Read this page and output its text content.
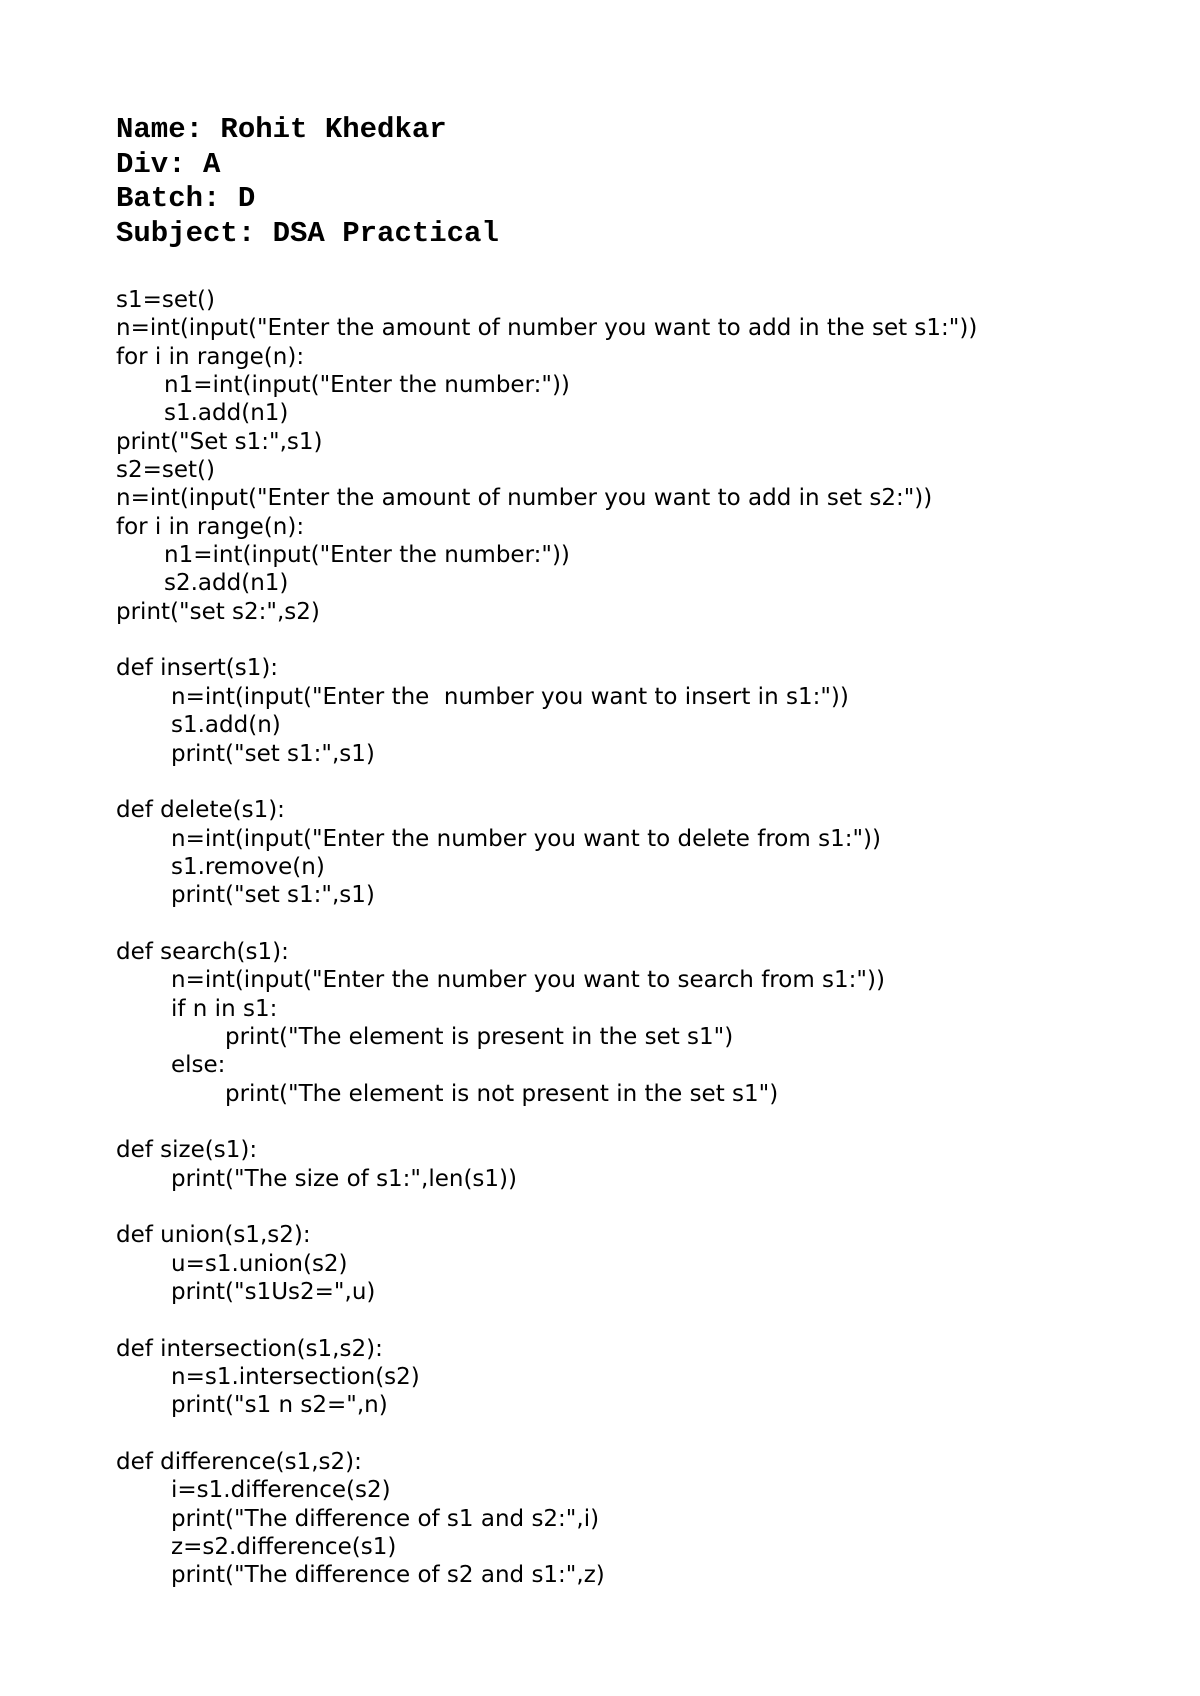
Name: Rohit Khedkar
Div: A
Batch: D
Subject: DSA Practical
s1=set()
n=int(input("Enter the amount of number you want to add in the set s1:"))
for i in range(n):
n1=int(input("Enter the number:"))
s1.add(n1)
print("Set s1:",s1)
s2=set()
n=int(input("Enter the amount of number you want to add in set s2:"))
for i in range(n):
n1=int(input("Enter the number:"))
s2.add(n1)
print("set s2:",s2)
def insert(s1):
n=int(input("Enter the  number you want to insert in s1:"))
s1.add(n)
print("set s1:",s1)
def delete(s1):
n=int(input("Enter the number you want to delete from s1:"))
s1.remove(n)
print("set s1:",s1)
def search(s1):
n=int(input("Enter the number you want to search from s1:"))
if n in s1:
print("The element is present in the set s1")
else:
print("The element is not present in the set s1")
def size(s1):
print("The size of s1:",len(s1))
def union(s1,s2):
u=s1.union(s2)
print("s1Us2=",u)
def intersection(s1,s2):
n=s1.intersection(s2)
print("s1 n s2=",n)
def difference(s1,s2):
i=s1.difference(s2)
print("The difference of s1 and s2:",i)
z=s2.difference(s1)
print("The difference of s2 and s1:",z)
